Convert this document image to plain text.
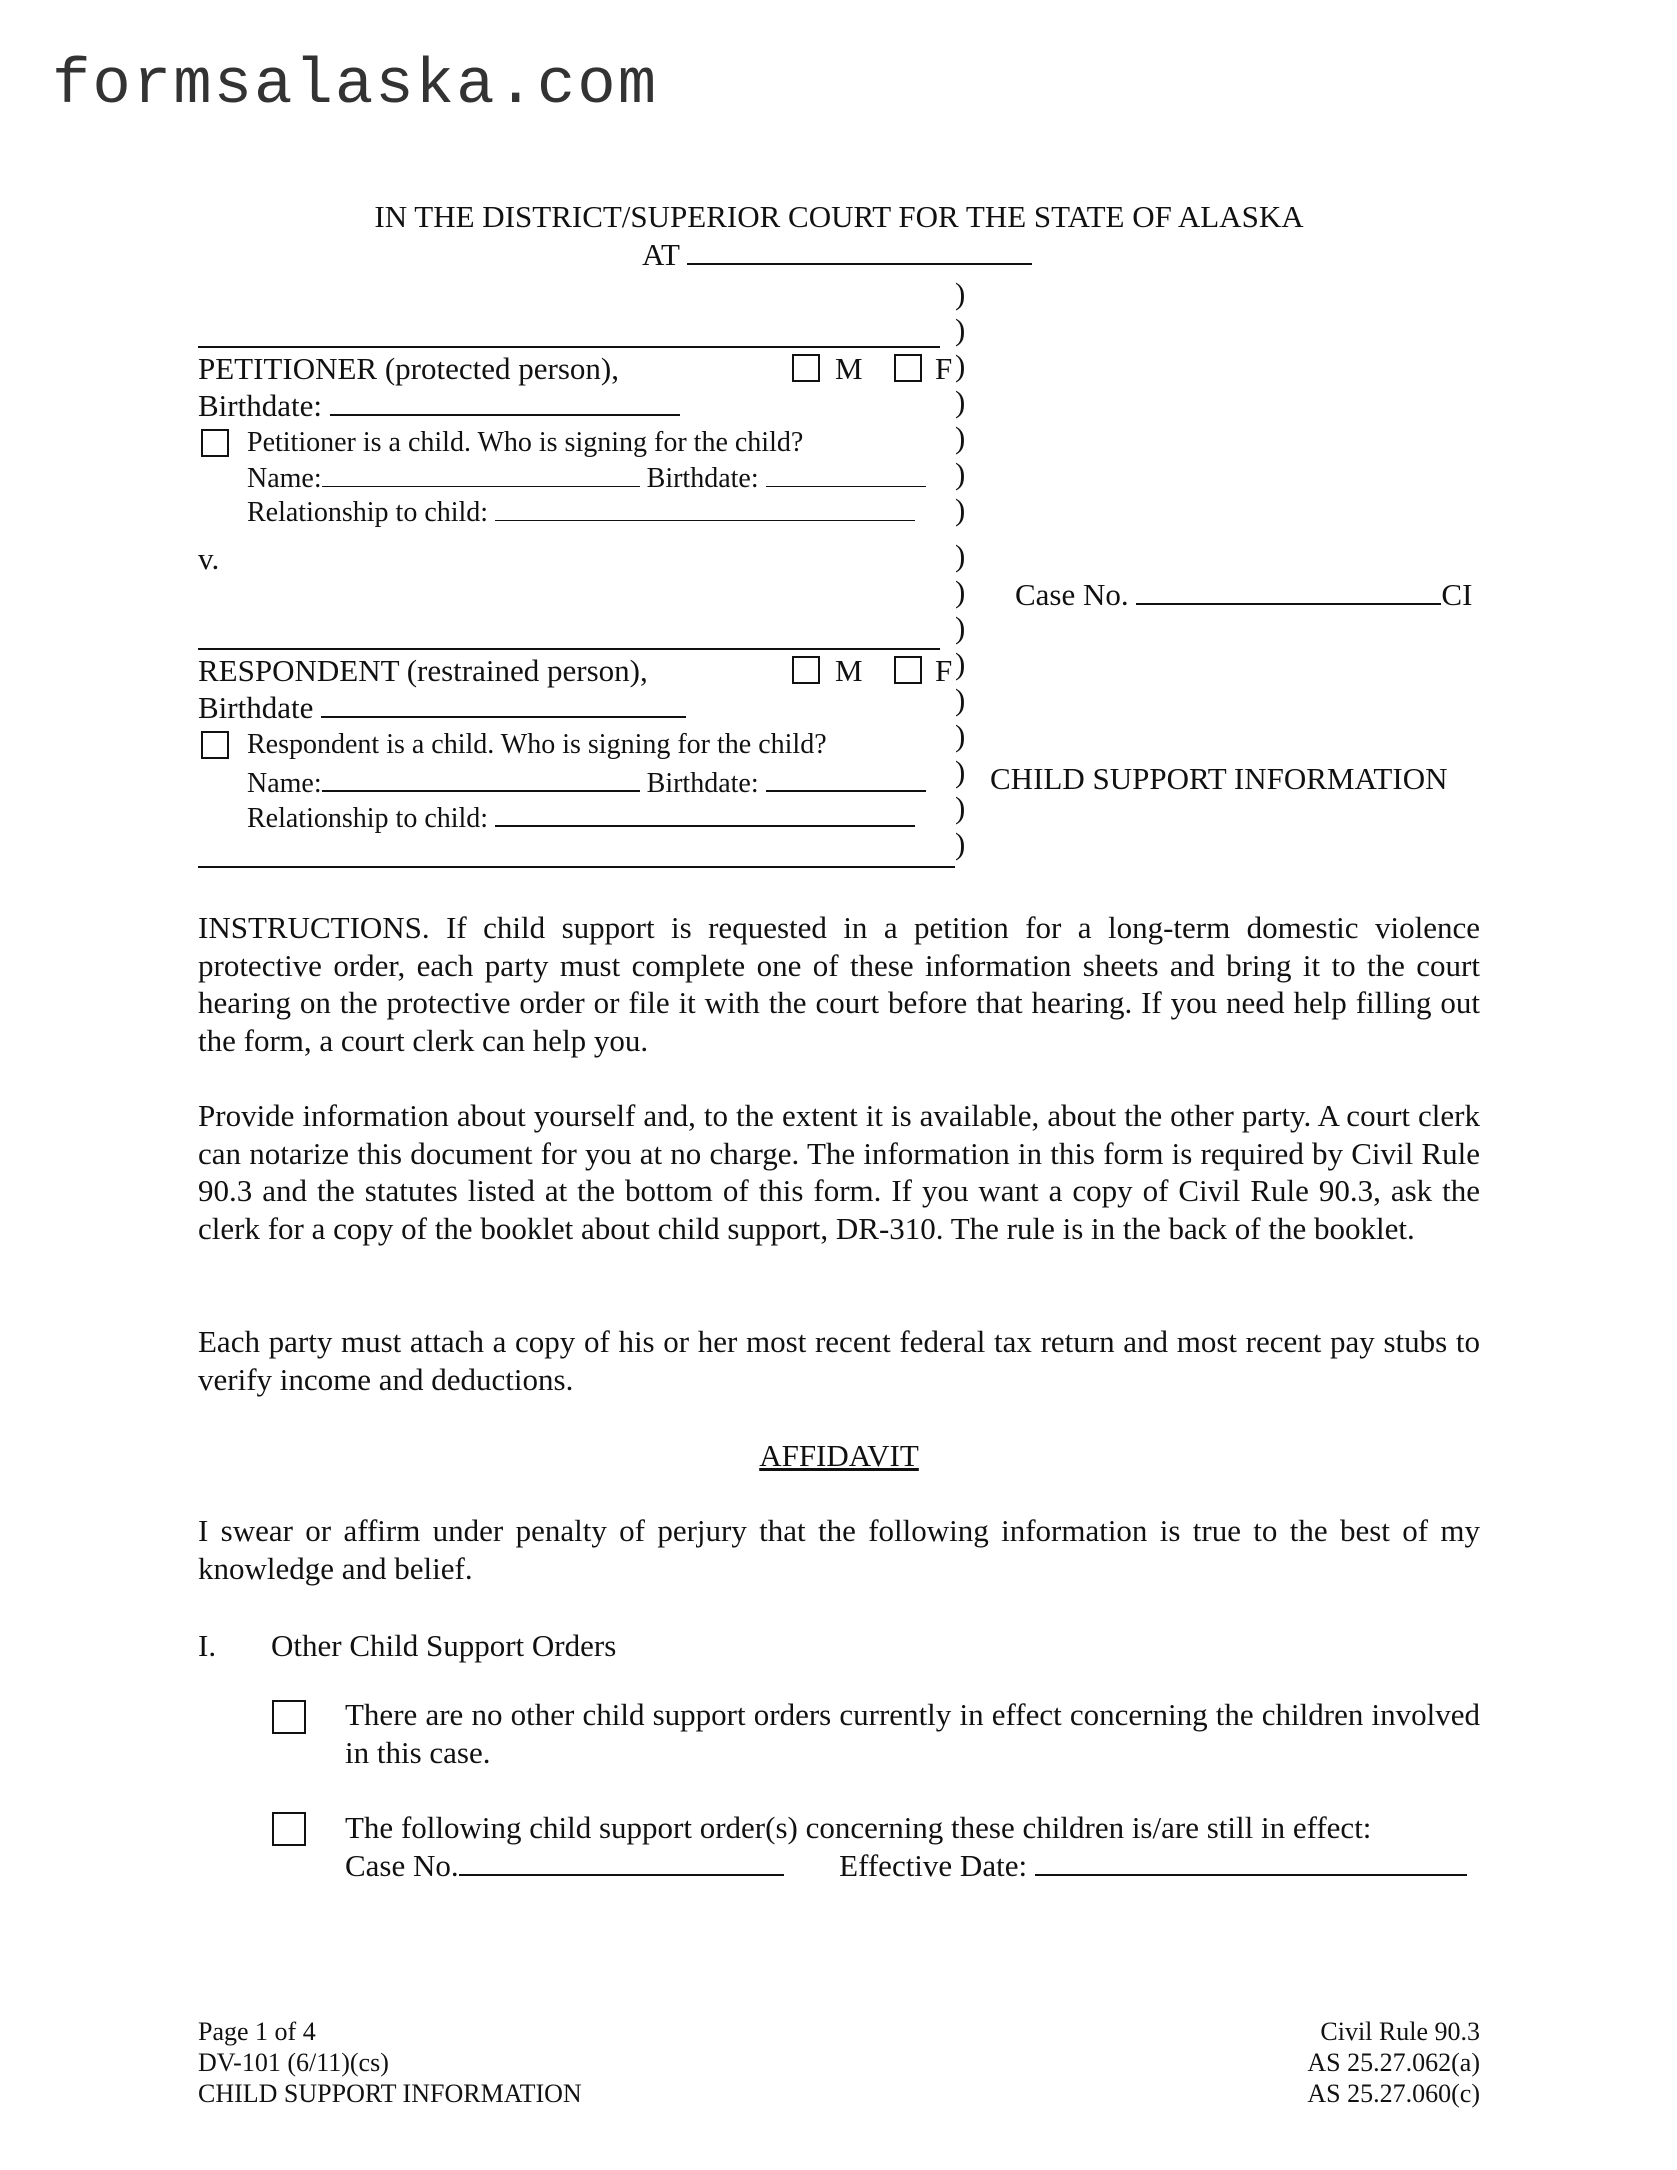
formsalaska.com
IN THE DISTRICT/SUPERIOR COURT FOR THE STATE OF ALASKA
AT
)
)
)
)
)
)
)
)
)
)
)
)
)
)
)
)
PETITIONER (protected person),	M F
Birthdate:
Petitioner is a child. Who is signing for the child?
Name:	Birthdate:
Relationship to child:
v.
Case No.	CI
RESPONDENT (restrained person),	M F
Birthdate
Respondent is a child. Who is signing for the child?
Name:	Birthdate:
Relationship to child:
CHILD SUPPORT INFORMATION
INSTRUCTIONS. If child support is requested in a petition for a long-term domestic violence protective order, each party must complete one of these information sheets and bring it to the court hearing on the protective order or file it with the court before that hearing. If you need help filling out the form, a court clerk can help you.
Provide information about yourself and, to the extent it is available, about the other party. A court clerk can notarize this document for you at no charge. The information in this form is required by Civil Rule 90.3 and the statutes listed at the bottom of this form. If you want a copy of Civil Rule 90.3, ask the clerk for a copy of the booklet about child support, DR-310. The rule is in the back of the booklet.
Each party must attach a copy of his or her most recent federal tax return and most recent pay stubs to verify income and deductions.
AFFIDAVIT
I swear or affirm under penalty of perjury that the following information is true to the best of my knowledge and belief.
I. Other Child Support Orders
There are no other child support orders currently in effect concerning the children involved in this case.
The following child support order(s) concerning these children is/are still in effect:
Case No.	Effective Date:
Page 1 of 4
DV-101 (6/11)(cs)
CHILD SUPPORT INFORMATION
Civil Rule 90.3
AS 25.27.062(a)
AS 25.27.060(c)
